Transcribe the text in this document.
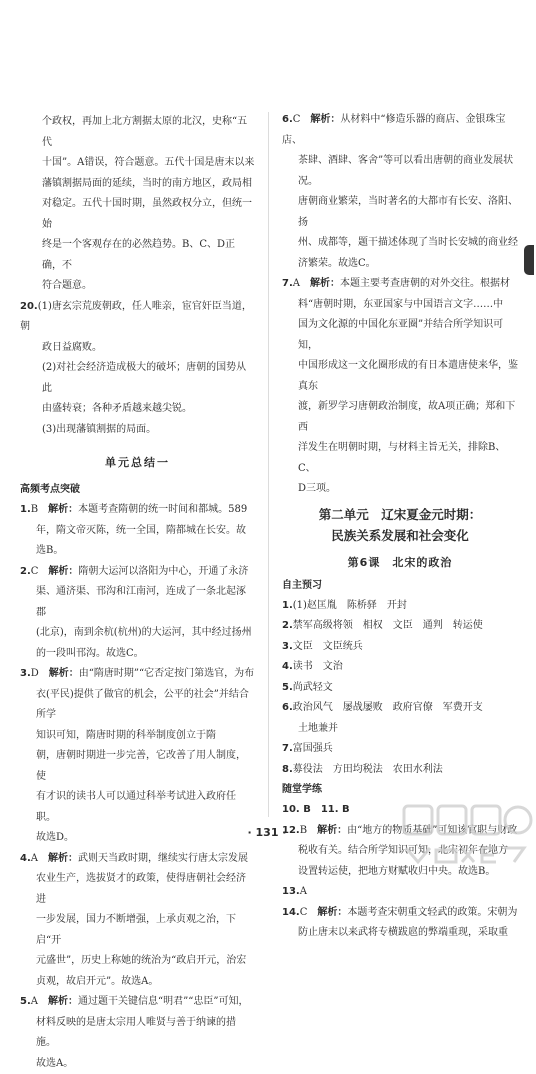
个政权，再加上北方割据太原的北汉，史称“五代
十国”。A错误，符合题意。五代十国是唐末以来
藩镇割据局面的延续，当时的南方地区，政局相
对稳定。五代十国时期，虽然政权分立，但统一始
终是一个客观存在的必然趋势。B、C、D正确，不
符合题意。
20.(1)唐玄宗荒废朝政，任人唯亲，宦官奸臣当道，朝
政日益腐败。
(2)对社会经济造成极大的破坏；唐朝的国势从此
由盛转衰；各种矛盾越来越尖锐。
(3)出现藩镇割据的局面。
单元总结一
高频考点突破
1.B　 解析：本题考查隋朝的统一时间和都城。589
年，隋文帝灭陈，统一全国，隋都城在长安。故
选B。
2.C　 解析：隋朝大运河以洛阳为中心，开通了永济
渠、通济渠、邗沟和江南河，连成了一条北起涿郡
(北京)，南到余杭(杭州)的大运河，其中经过扬州
的一段叫邗沟。故选C。
3.D　 解析：由“隋唐时期”“它否定按门第选官，为布
衣(平民)提供了做官的机会，公平的社会”并结合所学
知识可知，隋唐时期的科举制度创立于隋
朝，唐朝时期进一步完善，它改善了用人制度，使
有才识的读书人可以通过科举考试进入政府任职。
故选D。
4.A　 解析：武则天当政时期，继续实行唐太宗发展
农业生产，选拔贤才的政策，使得唐朝社会经济进
一步发展，国力不断增强，上承贞观之治，下启“开
元盛世”，历史上称她的统治为“政启开元，治宏
贞观，故启开元”。故选A。
5.A　 解析：通过题干关键信息“明君”“忠臣”可知，
材料反映的是唐太宗用人唯贤与善于纳谏的措施。
故选A。
6.C　 解析：从材料中“修造乐器的商店、金银珠宝店、
茶肆、酒肆、客舍”等可以看出唐朝的商业发展状况。
唐朝商业繁荣，当时著名的大都市有长安、洛阳、扬
州、成都等，题干描述体现了当时长安城的商业经
济繁荣。故选C。
7.A　 解析：本题主要考查唐朝的对外交往。根据材
料“唐朝时期，东亚国家与中国语言文字……中
国为文化源的中国化东亚圈”并结合所学知识可知，
中国形成这一文化圈形成的有日本遣唐使来华，鉴真东
渡，新罗学习唐朝政治制度，故A项正确；郑和下西
洋发生在明朝时期，与材料主旨无关，排除B、C、
D三项。
第二单元　辽宋夏金元时期：
民族关系发展和社会变化
第6课　北宋的政治
自主预习
1.(1)赵匡胤　陈桥驿　开封
2.禁军高级将领　相权　文臣　通判　转运使
3.文臣　文臣统兵
4.读书　文治
5.尚武轻文
6.政治风气　屡战屡败　政府官僚　军费开支
土地兼并
7.富国强兵
8.募役法　方田均税法　农田水利法
随堂学练
10. B　11. B
12.B　 解析：由“地方的物质基础”可知该官职与财政
税收有关。结合所学知识可知，北宋初年在地方
设置转运使，把地方财赋收归中央。故选B。
13.A
14.C　 解析：本题考查宋朝重文轻武的政策。宋朝为
防止唐末以来武将专横跋扈的弊端重现，采取重
· 131 ·
